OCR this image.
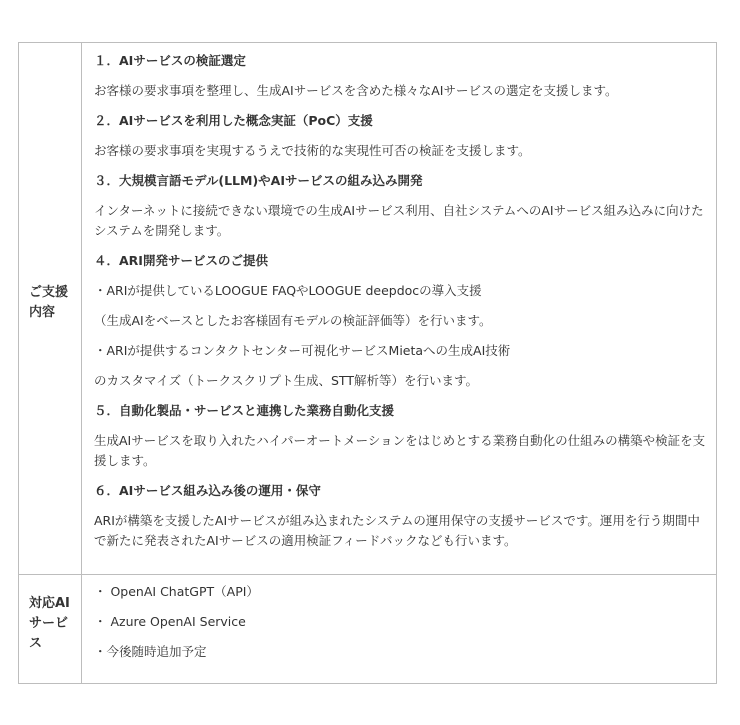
ご支援
内容
１．AIサービスの検証選定
お客様の要求事項を整理し、生成AIサービスを含めた様々なAIサービスの選定を支援します。
２．AIサービスを利用した概念実証（PoC）支援
お客様の要求事項を実現するうえで技術的な実現性可否の検証を支援します。
３．大規模言語モデル(LLM)やAIサービスの組み込み開発
インターネットに接続できない環境での生成AIサービス利用、自社システムへのAIサービス組み込みに向けたシステムを開発します。
４．ARI開発サービスのご提供
・ARIが提供しているLOOGUE FAQやLOOGUE deepdocの導入支援
（生成AIをベースとしたお客様固有モデルの検証評価等）を行います。
・ARIが提供するコンタクトセンター可視化サービスMietaへの生成AI技術
のカスタマイズ（トークスクリプト生成、STT解析等）を行います。
５．自動化製品・サービスと連携した業務自動化支援
生成AIサービスを取り入れたハイパーオートメーションをはじめとする業務自動化の仕組みの構築や検証を支援します。
６．AIサービス組み込み後の運用・保守
ARIが構築を支援したAIサービスが組み込まれたシステムの運用保守の支援サービスです。運用を行う期間中で新たに発表されたAIサービスの適用検証フィードバックなども行います。
対応AI
サービ
ス
・ OpenAI ChatGPT（API）
・ Azure OpenAI Service
・今後随時追加予定
